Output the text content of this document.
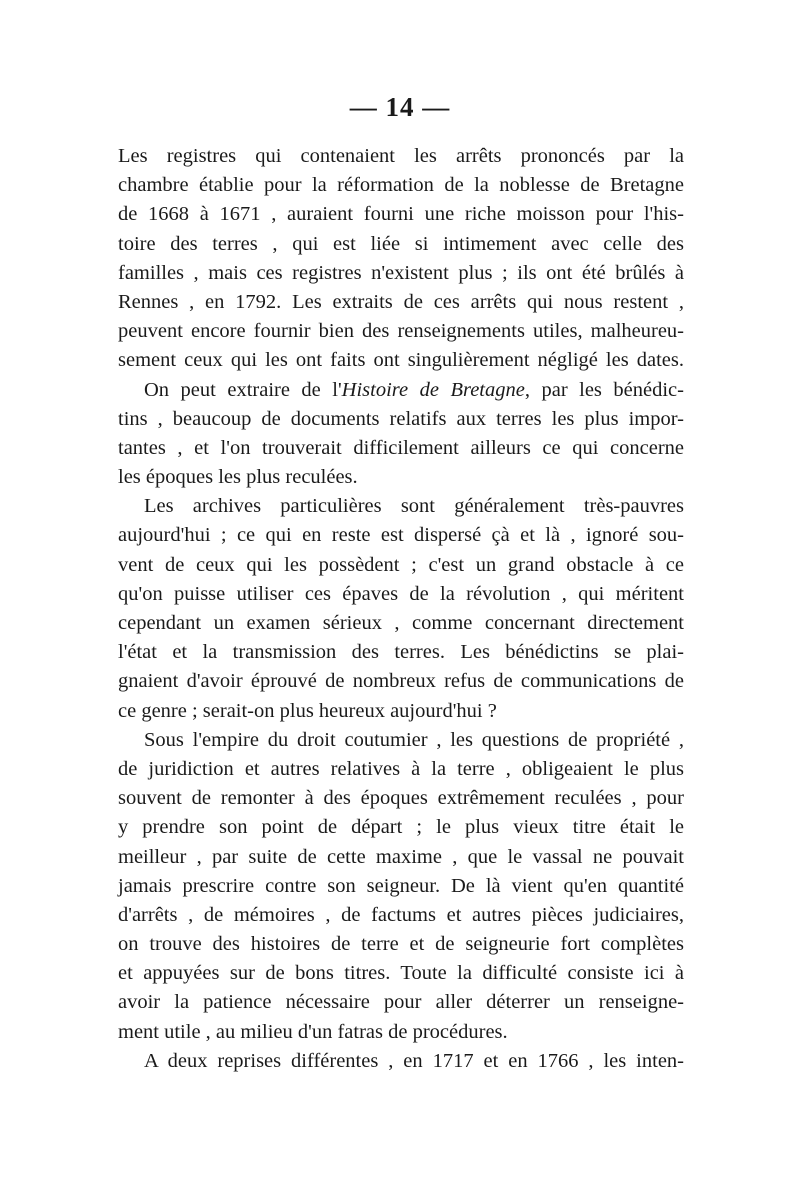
— 14 —
Les registres qui contenaient les arrêts prononcés par la
chambre établie pour la réformation de la noblesse de Bretagne
de 1668 à 1671 , auraient fourni une riche moisson pour l'his-
toire des terres , qui est liée si intimement avec celle des
familles , mais ces registres n'existent plus ; ils ont été brûlés à
Rennes , en 1792. Les extraits de ces arrêts qui nous restent ,
peuvent encore fournir bien des renseignements utiles, malheureu-
sement ceux qui les ont faits ont singulièrement négligé les dates.
On peut extraire de l'Histoire de Bretagne, par les bénédic-
tins , beaucoup de documents relatifs aux terres les plus impor-
tantes , et l'on trouverait difficilement ailleurs ce qui concerne
les époques les plus reculées.
Les archives particulières sont généralement très-pauvres
aujourd'hui ; ce qui en reste est dispersé çà et là , ignoré sou-
vent de ceux qui les possèdent ; c'est un grand obstacle à ce
qu'on puisse utiliser ces épaves de la révolution , qui méritent
cependant un examen sérieux , comme concernant directement
l'état et la transmission des terres. Les bénédictins se plai-
gnaient d'avoir éprouvé de nombreux refus de communications de
ce genre ; serait-on plus heureux aujourd'hui ?
Sous l'empire du droit coutumier , les questions de propriété ,
de juridiction et autres relatives à la terre , obligeaient le plus
souvent de remonter à des époques extrêmement reculées , pour
y prendre son point de départ ; le plus vieux titre était le
meilleur , par suite de cette maxime , que le vassal ne pouvait
jamais prescrire contre son seigneur. De là vient qu'en quantité
d'arrêts , de mémoires , de factums et autres pièces judiciaires,
on trouve des histoires de terre et de seigneurie fort complètes
et appuyées sur de bons titres. Toute la difficulté consiste ici à
avoir la patience nécessaire pour aller déterrer un renseigne-
ment utile , au milieu d'un fatras de procédures.
A deux reprises différentes , en 1717 et en 1766 , les inten-
